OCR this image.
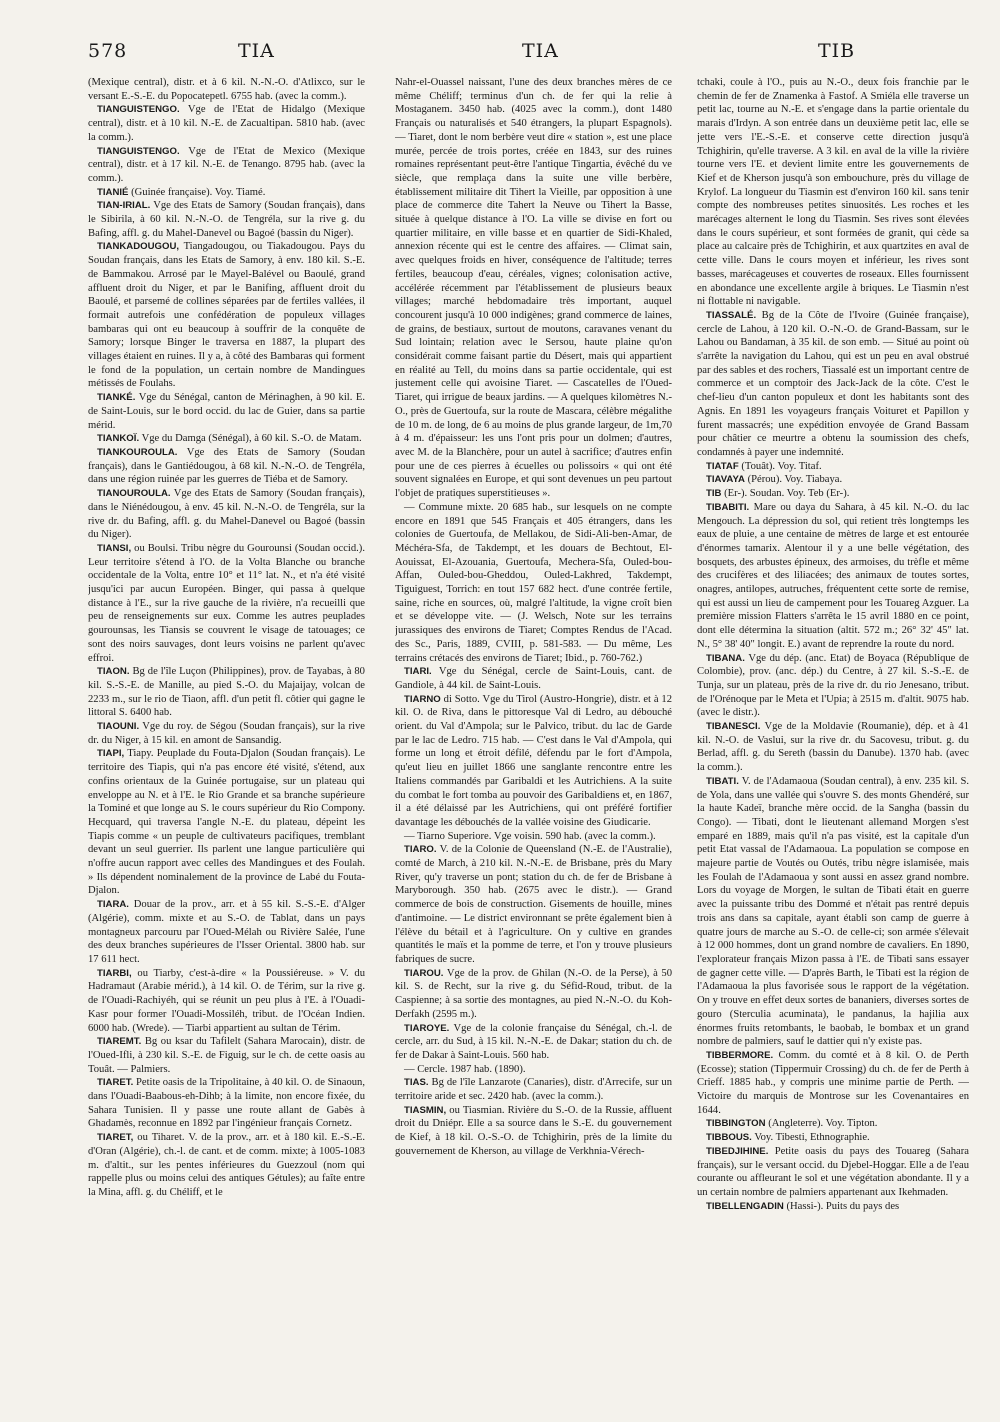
578	TIA	TIA	TIB

(Mexique central), distr. et à 6 kil. N.-N.-O. d'Atlixco, sur le versant E.-S.-E. du Popocatepetl. 6755 hab. (avec la comm.).

TIANGUISTENGO. Vge de l'Etat de Hidalgo (Mexique central), distr. et à 10 kil. N.-E. de Zacualtipan. 5810 hab. (avec la comm.).

TIANGUISTENGO. Vge de l'Etat de Mexico (Mexique central), distr. et à 17 kil. N.-E. de Tenango. 8795 hab. (avec la comm.).

TIANIÉ (Guinée française). Voy. Tiamé.

TIAN-IRIAL. Vge des Etats de Samory (Soudan français), dans le Sibirila, à 60 kil. N.-N.-O. de Tengréla, sur la rive g. du Bafing, affl. g. du Mahel-Danevel ou Bagoé (bassin du Niger).

TIANKADOUGOU, Tiangadougou, ou Tiakadougou. Pays du Soudan français, dans les Etats de Samory, à env. 180 kil. S.-E. de Bammakou. Arrosé par le Mayel-Balével ou Baoulé, grand affluent droit du Niger, et par le Banifing, affluent droit du Baoulé, et parsemé de collines séparées par de fertiles vallées, il formait autrefois une confédération de populeux villages bambaras qui ont eu beaucoup à souffrir de la conquête de Samory; lorsque Binger le traversa en 1887, la plupart des villages étaient en ruines. Il y a, à côté des Bambaras qui forment le fond de la population, un certain nombre de Mandingues métissés de Foulahs.

TIANKÉ. Vge du Sénégal, canton de Mérinaghen, à 90 kil. E. de Saint-Louis, sur le bord occid. du lac de Guier, dans sa partie mérid.

TIANKOÏ. Vge du Damga (Sénégal), à 60 kil. S.-O. de Matam.

TIANKOUROULA. Vge des Etats de Samory (Soudan français), dans le Gantiédougou, à 68 kil. N.-N.-O. de Tengréla, dans une région ruinée par les guerres de Tiéba et de Samory.

TIANOUROULA. Vge des Etats de Samory (Soudan français), dans le Niénédougou, à env. 45 kil. N.-N.-O. de Tengréla, sur la rive dr. du Bafing, affl. g. du Mahel-Danevel ou Bagoé (bassin du Niger).

TIANSI, ou Boulsi. Tribu nègre du Gourounsi (Soudan occid.). Leur territoire s'étend à l'O. de la Volta Blanche ou branche occidentale de la Volta, entre 10° et 11° lat. N., et n'a été visité jusqu'ici par aucun Européen. Binger, qui passa à quelque distance à l'E., sur la rive gauche de la rivière, n'a recueilli que peu de renseignements sur eux. Comme les autres peuplades gourounsas, les Tiansis se couvrent le visage de tatouages; ce sont des noirs sauvages, dont leurs voisins ne parlent qu'avec effroi.

TIAON. Bg de l'île Luçon (Philippines), prov. de Tayabas, à 80 kil. S.-S.-E. de Manille, au pied S.-O. du Majaijay, volcan de 2233 m., sur le rio de Tiaon, affl. d'un petit fl. côtier qui gagne le littoral S. 6400 hab.

TIAOUNI. Vge du roy. de Ségou (Soudan français), sur la rive dr. du Niger, à 15 kil. en amont de Sansandig.

TIAPI, Tiapy. Peuplade du Fouta-Djalon (Soudan français). Le territoire des Tiapis, qui n'a pas encore été visité, s'étend, aux confins orientaux de la Guinée portugaise, sur un plateau qui enveloppe au N. et à l'E. le Rio Grande et sa branche supérieure la Tominé et que longe au S. le cours supérieur du Rio Compony. Hecquard, qui traversa l'angle N.-E. du plateau, dépeint les Tiapis comme « un peuple de cultivateurs pacifiques, tremblant devant un seul guerrier. Ils parlent une langue particulière qui n'offre aucun rapport avec celles des Mandingues et des Foulah. » Ils dépendent nominalement de la province de Labé du Fouta-Djalon.

TIARA. Douar de la prov., arr. et à 55 kil. S.-S.-E. d'Alger (Algérie), comm. mixte et au S.-O. de Tablat, dans un pays montagneux parcouru par l'Oued-Mélah ou Rivière Salée, l'une des deux branches supérieures de l'Isser Oriental. 3800 hab. sur 17 611 hect.

TIARBI, ou Tiarby, c'est-à-dire « la Poussiéreuse. » V. du Hadramaut (Arabie mérid.), à 14 kil. O. de Térim, sur la rive g. de l'Ouadi-Rachiyéh, qui se réunit un peu plus à l'E. à l'Ouadi-Kasr pour former l'Ouadi-Mossiléh, tribut. de l'Océan Indien. 6000 hab. (Wrede). — Tiarbi appartient au sultan de Térim.

TIAREMT. Bg ou ksar du Tafilelt (Sahara Marocain), distr. de l'Oued-Ifli, à 230 kil. S.-E. de Figuig, sur le ch. de cette oasis au Touât. — Palmiers.

TIARET. Petite oasis de la Tripolitaine, à 40 kil. O. de Sinaoun, dans l'Ouadi-Baabous-eh-Dihb; à la limite, non encore fixée, du Sahara Tunisien. Il y passe une route allant de Gabès à Ghadamès, reconnue en 1892 par l'ingénieur français Cornetz.

TIARET, ou Tiharet. V. de la prov., arr. et à 180 kil. E.-S.-E. d'Oran (Algérie), ch.-l. de cant. et de comm. mixte; à 1005-1083 m. d'altit., sur les pentes inférieures du Guezzoul (nom qui rappelle plus ou moins celui des antiques Gétules); au faîte entre la Mina, affl. g. du Chéliff, et le

Nahr-el-Ouassel naissant, l'une des deux branches mères de ce même Chéliff; terminus d'un ch. de fer qui la relie à Mostaganem. 3450 hab. (4025 avec la comm.), dont 1480 Français ou naturalisés et 540 étrangers, la plupart Espagnols). — Tiaret, dont le nom berbère veut dire « station », est une place murée, percée de trois portes, créée en 1843, sur des ruines romaines représentant peut-être l'antique Tingartia, évêché du ve siècle, que remplaça dans la suite une ville berbère, établissement militaire dit Tihert la Vieille, par opposition à une place de commerce dite Tahert la Neuve ou Tihert la Basse, située à quelque distance à l'O. La ville se divise en fort ou quartier militaire, en ville basse et en quartier de Sidi-Khaled, annexion récente qui est le centre des affaires. — Climat sain, avec quelques froids en hiver, conséquence de l'altitude; terres fertiles, beaucoup d'eau, céréales, vignes; colonisation active, accélérée récemment par l'établissement de plusieurs beaux villages; marché hebdomadaire très important, auquel concourent jusqu'à 10 000 indigènes; grand commerce de laines, de grains, de bestiaux, surtout de moutons, caravanes venant du Sud lointain; relation avec le Sersou, haute plaine qu'on considérait comme faisant partie du Désert, mais qui appartient en réalité au Tell, du moins dans sa partie occidentale, qui est justement celle qui avoisine Tiaret. — Cascatelles de l'Oued-Tiaret, qui irrigue de beaux jardins. — A quelques kilomètres N.-O., près de Guertoufa, sur la route de Mascara, célèbre mégalithe de 10 m. de long, de 6 au moins de plus grande largeur, de 1m,70 à 4 m. d'épaisseur: les uns l'ont pris pour un dolmen; d'autres, avec M. de la Blanchère, pour un autel à sacrifice; d'autres enfin pour une de ces pierres à écuelles ou polissoirs « qui ont été souvent signalées en Europe, et qui sont devenues un peu partout l'objet de pratiques superstitieuses ».

— Commune mixte. 20 685 hab., sur lesquels on ne compte encore en 1891 que 545 Français et 405 étrangers, dans les colonies de Guertoufa, de Mellakou, de Sidi-Ali-ben-Amar, de Méchéra-Sfa, de Takdempt, et les douars de Bechtout, El-Aouissat, El-Azouania, Guertoufa, Mechera-Sfa, Ouled-bou-Affan, Ouled-bou-Gheddou, Ouled-Lakhred, Takdempt, Tiguiguest, Torrich: en tout 157 682 hect. d'une contrée fertile, saine, riche en sources, où, malgré l'altitude, la vigne croît bien et se développe vite. — (J. Welsch, Note sur les terrains jurassiques des environs de Tiaret; Comptes Rendus de l'Acad. des Sc., Paris, 1889, CVIII, p. 581-583. — Du même, Les terrains crétacés des environs de Tiaret; Ibid., p. 760-762.)

TIARI. Vge du Sénégal, cercle de Saint-Louis, cant. de Gandiole, à 44 kil. de Saint-Louis.

TIARNO di Sotto. Vge du Tirol (Austro-Hongrie), distr. et à 12 kil. O. de Riva, dans le pittoresque Val di Ledro, au débouché orient. du Val d'Ampola; sur le Palvico, tribut. du lac de Garde par le lac de Ledro. 715 hab. — C'est dans le Val d'Ampola, qui forme un long et étroit défilé, défendu par le fort d'Ampola, qu'eut lieu en juillet 1866 une sanglante rencontre entre les Italiens commandés par Garibaldi et les Autrichiens. A la suite du combat le fort tomba au pouvoir des Garibaldiens et, en 1867, il a été délaissé par les Autrichiens, qui ont préféré fortifier davantage les débouchés de la vallée voisine des Giudicarie.

— Tiarno Superiore. Vge voisin. 590 hab. (avec la comm.).

TIARO. V. de la Colonie de Queensland (N.-E. de l'Australie), comté de March, à 210 kil. N.-N.-E. de Brisbane, près du Mary River, qu'y traverse un pont; station du ch. de fer de Brisbane à Maryborough. 350 hab. (2675 avec le distr.). — Grand commerce de bois de construction. Gisements de houille, mines d'antimoine. — Le district environnant se prête également bien à l'élève du bétail et à l'agriculture. On y cultive en grandes quantités le maïs et la pomme de terre, et l'on y trouve plusieurs fabriques de sucre.

TIAROU. Vge de la prov. de Ghilan (N.-O. de la Perse), à 50 kil. S. de Recht, sur la rive g. du Séfid-Roud, tribut. de la Caspienne; à sa sortie des montagnes, au pied N.-N.-O. du Koh-Derfakh (2595 m.).

TIAROYE. Vge de la colonie française du Sénégal, ch.-l. de cercle, arr. du Sud, à 15 kil. N.-N.-E. de Dakar; station du ch. de fer de Dakar à Saint-Louis. 560 hab.

— Cercle. 1987 hab. (1890).

TIAS. Bg de l'île Lanzarote (Canaries), distr. d'Arrecife, sur un territoire aride et sec. 2420 hab. (avec la comm.).

TIASMIN, ou Tiasmian. Rivière du S.-O. de la Russie, affluent droit du Dniépr. Elle a sa source dans le S.-E. du gouvernement de Kief, à 18 kil. O.-S.-O. de Tchighirin, près de la limite du gouvernement de Kherson, au village de Verkhnia-Vérech-

tchaki, coule à l'O., puis au N.-O., deux fois franchie par le chemin de fer de Znamenka à Fastof. A Smiéla elle traverse un petit lac, tourne au N.-E. et s'engage dans la partie orientale du marais d'Irdyn. A son entrée dans un deuxième petit lac, elle se jette vers l'E.-S.-E. et conserve cette direction jusqu'à Tchighirin, qu'elle traverse. A 3 kil. en aval de la ville la rivière tourne vers l'E. et devient limite entre les gouvernements de Kief et de Kherson jusqu'à son embouchure, près du village de Krylof. La longueur du Tiasmin est d'environ 160 kil. sans tenir compte des nombreuses petites sinuosités. Les roches et les marécages alternent le long du Tiasmin. Ses rives sont élevées dans le cours supérieur, et sont formées de granit, qui cède sa place au calcaire près de Tchighirin, et aux quartzites en aval de cette ville. Dans le cours moyen et inférieur, les rives sont basses, marécageuses et couvertes de roseaux. Elles fournissent en abondance une excellente argile à briques. Le Tiasmin n'est ni flottable ni navigable.

TIASSALÉ. Bg de la Côte de l'Ivoire (Guinée française), cercle de Lahou, à 120 kil. O.-N.-O. de Grand-Bassam, sur le Lahou ou Bandaman, à 35 kil. de son emb. — Situé au point où s'arrête la navigation du Lahou, qui est un peu en aval obstrué par des sables et des rochers, Tiassalé est un important centre de commerce et un comptoir des Jack-Jack de la côte. C'est le chef-lieu d'un canton populeux et dont les habitants sont des Agnis. En 1891 les voyageurs français Voituret et Papillon y furent massacrés; une expédition envoyée de Grand Bassam pour châtier ce meurtre a obtenu la soumission des chefs, condamnés à payer une indemnité.

TIATAF (Touât). Voy. Titaf.

TIAVAYA (Pérou). Voy. Tiabaya.

TIB (Er-). Soudan. Voy. Teb (Er-).

TIBABITI. Mare ou daya du Sahara, à 45 kil. N.-O. du lac Mengouch. La dépression du sol, qui retient très longtemps les eaux de pluie, a une centaine de mètres de large et est entourée d'énormes tamarix. Alentour il y a une belle végétation, des bosquets, des arbustes épineux, des armoises, du trèfle et même des crucifères et des liliacées; des animaux de toutes sortes, onagres, antilopes, autruches, fréquentent cette sorte de remise, qui est aussi un lieu de campement pour les Touareg Azguer. La première mission Flatters s'arrêta le 15 avril 1880 en ce point, dont elle détermina la situation (altit. 572 m.; 26° 32' 45" lat. N., 5° 38' 40" longit. E.) avant de reprendre la route du nord.

TIBANA. Vge du dép. (anc. Etat) de Boyaca (République de Colombie), prov. (anc. dép.) du Centre, à 27 kil. S.-S.-E. de Tunja, sur un plateau, près de la rive dr. du rio Jenesano, tribut. de l'Orénoque par le Meta et l'Upia; à 2515 m. d'altit. 9075 hab. (avec le distr.).

TIBANESCI. Vge de la Moldavie (Roumanie), dép. et à 41 kil. N.-O. de Vaslui, sur la rive dr. du Sacovesu, tribut. g. du Berlad, affl. g. du Sereth (bassin du Danube). 1370 hab. (avec la comm.).

TIBATI. V. de l'Adamaoua (Soudan central), à env. 235 kil. S. de Yola, dans une vallée qui s'ouvre S. des monts Ghendéré, sur la haute Kadeï, branche mère occid. de la Sangha (bassin du Congo). — Tibati, dont le lieutenant allemand Morgen s'est emparé en 1889, mais qu'il n'a pas visité, est la capitale d'un petit Etat vassal de l'Adamaoua. La population se compose en majeure partie de Voutés ou Outés, tribu nègre islamisée, mais les Foulah de l'Adamaoua y sont aussi en assez grand nombre. Lors du voyage de Morgen, le sultan de Tibati était en guerre avec la puissante tribu des Dommé et n'était pas rentré depuis trois ans dans sa capitale, ayant établi son camp de guerre à quatre jours de marche au S.-O. de celle-ci; son armée s'élevait à 12 000 hommes, dont un grand nombre de cavaliers. En 1890, l'explorateur français Mizon passa à l'E. de Tibati sans essayer de gagner cette ville. — D'après Barth, le Tibati est la région de l'Adamaoua la plus favorisée sous le rapport de la végétation. On y trouve en effet deux sortes de bananiers, diverses sortes de gouro (Sterculia acuminata), le pandanus, la hajilia aux énormes fruits retombants, le baobab, le bombax et un grand nombre de palmiers, sauf le dattier qui n'y existe pas.

TIBBERMORE. Comm. du comté et à 8 kil. O. de Perth (Ecosse); station (Tippermuir Crossing) du ch. de fer de Perth à Crieff. 1885 hab., y compris une minime partie de Perth. — Victoire du marquis de Montrose sur les Covenantaires en 1644.

TIBBINGTON (Angleterre). Voy. Tipton.

TIBBOUS. Voy. Tibesti, Ethnographie.

TIBEDJIHINE. Petite oasis du pays des Touareg (Sahara français), sur le versant occid. du Djebel-Hoggar. Elle a de l'eau courante ou affleurant le sol et une végétation abondante. Il y a un certain nombre de palmiers appartenant aux Ikehmaden.

TIBELLENGADIN (Hassi-). Puits du pays des
